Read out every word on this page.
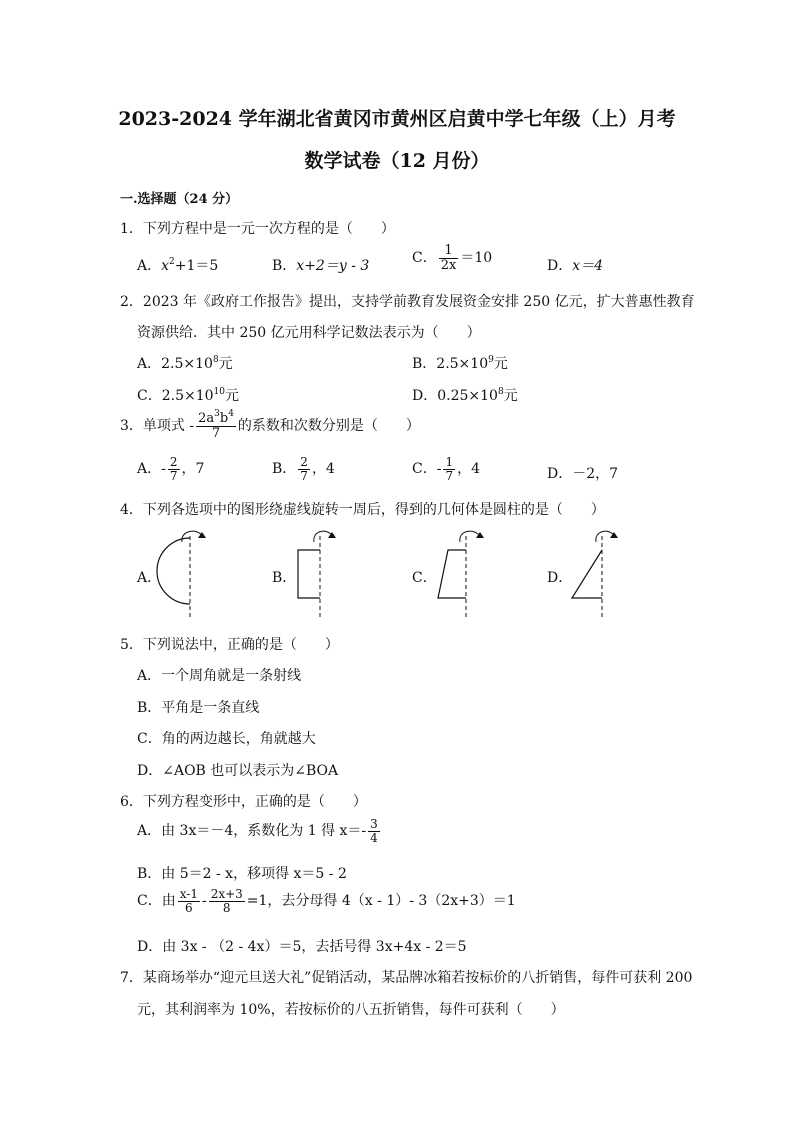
2023-2024 学年湖北省黄冈市黄州区启黄中学七年级（上）月考
数学试卷（12 月份）
一.选择题（24 分）
1．下列方程中是一元一次方程的是（　　）
A．$x^2+1=5$	B．x+2＝y - 3	C． $\frac{1}{2x} =10$	D．x＝4
2．2023 年《政府工作报告》提出，支持学前教育发展资金安排 250 亿元，扩大普惠性教育
资源供给．其中 250 亿元用科学记数法表示为（　　）
A．$2.5\times 10^8$元	B．$2.5\times 10^9$元
C．$2.5\times 10^{10}$元	D．$0.25\times 10^8$元
3．单项式 - $\frac{2a^3b^4}{7}$ 的系数和次数分别是（　　）
A．- $\frac{2}{7}$ ，7	B． $\frac{2}{7}$ ，4	C．- $\frac{1}{7}$ ，4	D．－2，7
4．下列各选项中的图形绕虚线旋转一周后，得到的几何体是圆柱的是（　　）
A．	B．	C．	D．
5．下列说法中，正确的是（　　）
A．一个周角就是一条射线
B．平角是一条直线
C．角的两边越长，角就越大
D．∠AOB 也可以表示为∠BOA
6．下列方程变形中，正确的是（　　）
A．由 3x＝－4，系数化为 1 得 $x=- \frac{3}{4}$
B．由 5＝2 - x，移项得 x＝5 - 2
C．由 $\frac{x-1}{6} - \frac{2x+3}{8} =1$，去分母得 4（x - 1）- 3（2x+3）＝1
D．由 3x - （2 - 4x）＝5，去括号得 3x+4x - 2＝5
7．某商场举办“迎元旦送大礼”促销活动，某品牌冰箱若按标价的八折销售，每件可获利 200
元，其利润率为 10%，若按标价的八五折销售，每件可获利（　　）
